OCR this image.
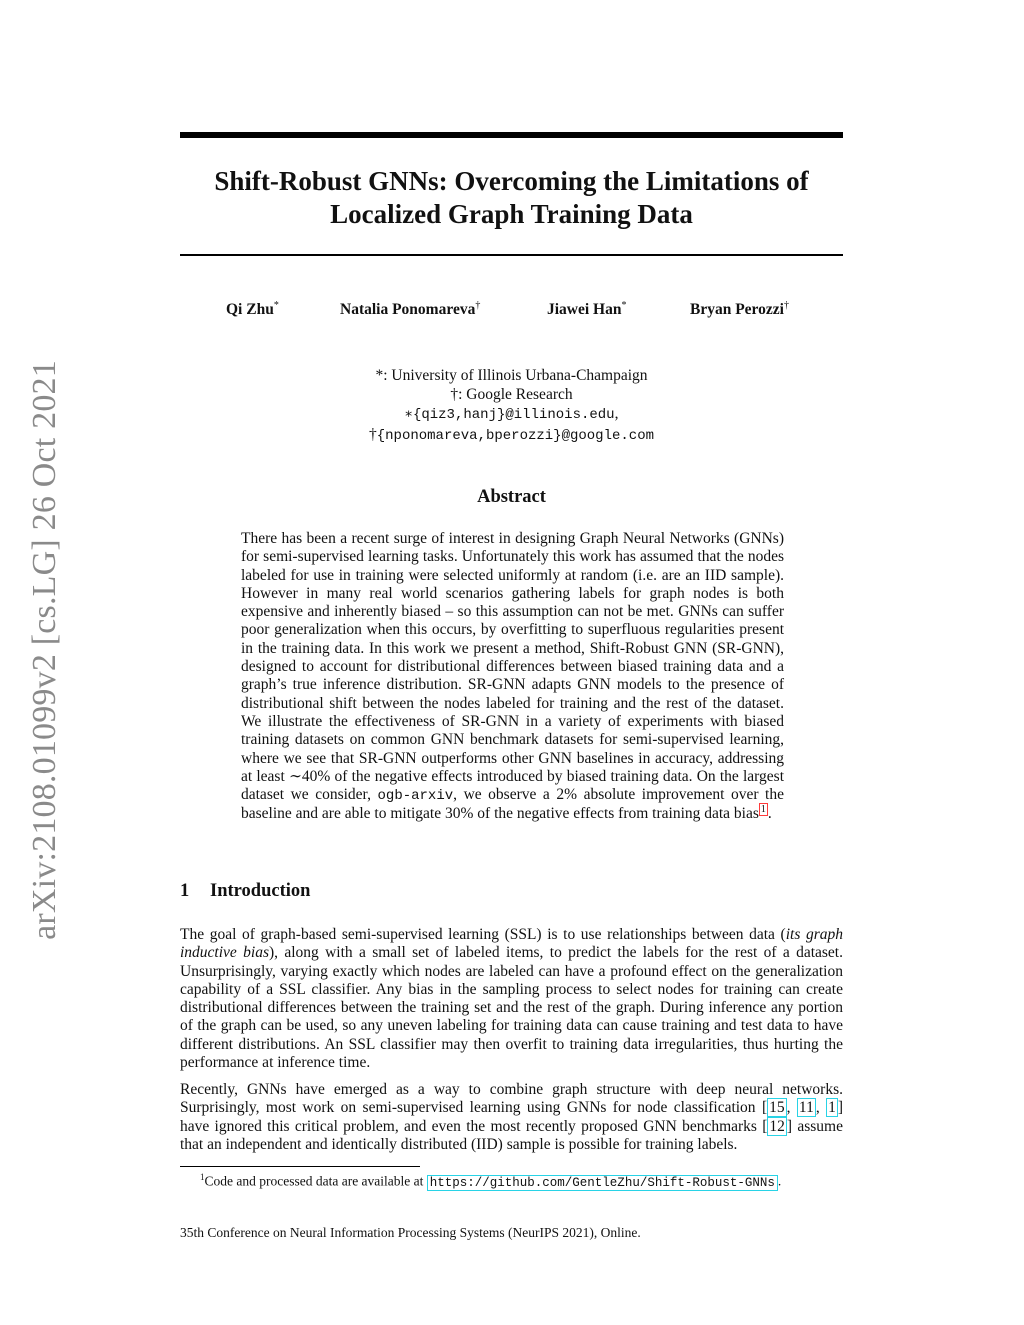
arXiv:2108.01099v2 [cs.LG] 26 Oct 2021
Shift-Robust GNNs: Overcoming the Limitations of Localized Graph Training Data
Qi Zhu*	Natalia Ponomareva†	Jiawei Han*	Bryan Perozzi†
*: University of Illinois Urbana-Champaign
†: Google Research
∗{qiz3,hanj}@illinois.edu,
†{nponomareva,bperozzi}@google.com
Abstract

There has been a recent surge of interest in designing Graph Neural Networks (GNNs) for semi-supervised learning tasks. Unfortunately this work has assumed that the nodes labeled for use in training were selected uniformly at random (i.e. are an IID sample). However in many real world scenarios gathering labels for graph nodes is both expensive and inherently biased – so this assumption can not be met. GNNs can suffer poor generalization when this occurs, by overfitting to superfluous regularities present in the training data. In this work we present a method, Shift-Robust GNN (SR-GNN), designed to account for distributional differences between biased training data and a graph’s true inference distribution. SR-GNN adapts GNN models to the presence of distributional shift between the nodes labeled for training and the rest of the dataset. We illustrate the effectiveness of SR-GNN in a variety of experiments with biased training datasets on common GNN benchmark datasets for semi-supervised learning, where we see that SR-GNN outperforms other GNN baselines in accuracy, addressing at least ∼40% of the negative effects introduced by biased training data. On the largest dataset we consider, ogb-arxiv, we observe a 2% absolute improvement over the baseline and are able to mitigate 30% of the negative effects from training data bias $^1$ .

1 Introduction

The goal of graph-based semi-supervised learning (SSL) is to use relationships between data (its graph inductive bias), along with a small set of labeled items, to predict the labels for the rest of a dataset. Unsurprisingly, varying exactly which nodes are labeled can have a profound effect on the generalization capability of a SSL classifier. Any bias in the sampling process to select nodes for training can create distributional differences between the training set and the rest of the graph. During inference any portion of the graph can be used, so any uneven labeling for training data can cause training and test data to have different distributions. An SSL classifier may then overfit to training data irregularities, thus hurting the performance at inference time.

Recently, GNNs have emerged as a way to combine graph structure with deep neural networks. Surprisingly, most work on semi-supervised learning using GNNs for node classification [ 15 , 11 , 1 ] have ignored this critical problem, and even the most recently proposed GNN benchmarks [ 12 ] assume that an independent and identically distributed (IID) sample is possible for training labels.

$^1$Code and processed data are available at https://github.com/GentleZhu/Shift-Robust-GNNs .
35th Conference on Neural Information Processing Systems (NeurIPS 2021), Online.
